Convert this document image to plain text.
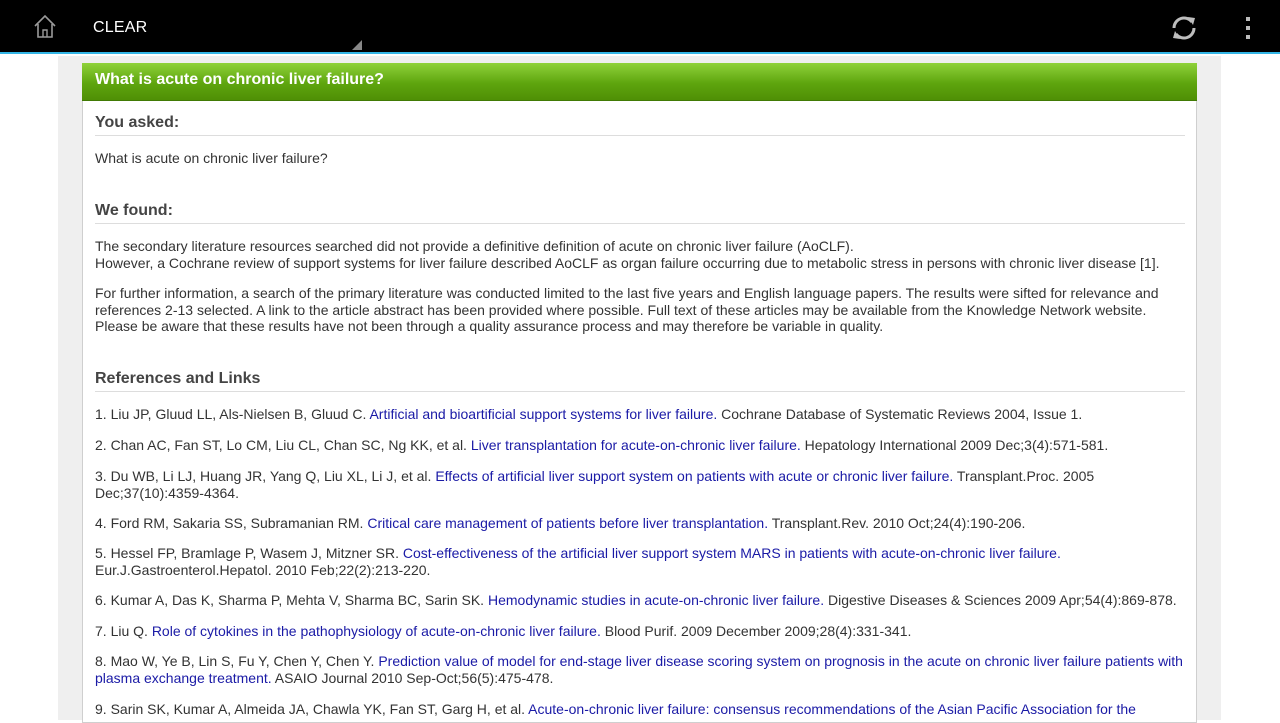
CLEAR
What is acute on chronic liver failure?
You asked:
What is acute on chronic liver failure?
We found:
The secondary literature resources searched did not provide a definitive definition of acute on chronic liver failure (AoCLF).
However, a Cochrane review of support systems for liver failure described AoCLF as organ failure occurring due to metabolic stress in persons with chronic liver disease [1].
For further information, a search of the primary literature was conducted limited to the last five years and English language papers. The results were sifted for relevance and references 2-13 selected. A link to the article abstract has been provided where possible. Full text of these articles may be available from the Knowledge Network website. Please be aware that these results have not been through a quality assurance process and may therefore be variable in quality.
References and Links
1. Liu JP, Gluud LL, Als-Nielsen B, Gluud C. Artificial and bioartificial support systems for liver failure. Cochrane Database of Systematic Reviews 2004, Issue 1.
2. Chan AC, Fan ST, Lo CM, Liu CL, Chan SC, Ng KK, et al. Liver transplantation for acute-on-chronic liver failure. Hepatology International 2009 Dec;3(4):571-581.
3. Du WB, Li LJ, Huang JR, Yang Q, Liu XL, Li J, et al. Effects of artificial liver support system on patients with acute or chronic liver failure. Transplant.Proc. 2005 Dec;37(10):4359-4364.
4. Ford RM, Sakaria SS, Subramanian RM. Critical care management of patients before liver transplantation. Transplant.Rev. 2010 Oct;24(4):190-206.
5. Hessel FP, Bramlage P, Wasem J, Mitzner SR. Cost-effectiveness of the artificial liver support system MARS in patients with acute-on-chronic liver failure. Eur.J.Gastroenterol.Hepatol. 2010 Feb;22(2):213-220.
6. Kumar A, Das K, Sharma P, Mehta V, Sharma BC, Sarin SK. Hemodynamic studies in acute-on-chronic liver failure. Digestive Diseases & Sciences 2009 Apr;54(4):869-878.
7. Liu Q. Role of cytokines in the pathophysiology of acute-on-chronic liver failure. Blood Purif. 2009 December 2009;28(4):331-341.
8. Mao W, Ye B, Lin S, Fu Y, Chen Y, Chen Y. Prediction value of model for end-stage liver disease scoring system on prognosis in the acute on chronic liver failure patients with plasma exchange treatment. ASAIO Journal 2010 Sep-Oct;56(5):475-478.
9. Sarin SK, Kumar A, Almeida JA, Chawla YK, Fan ST, Garg H, et al. Acute-on-chronic liver failure: consensus recommendations of the Asian Pacific Association for the
